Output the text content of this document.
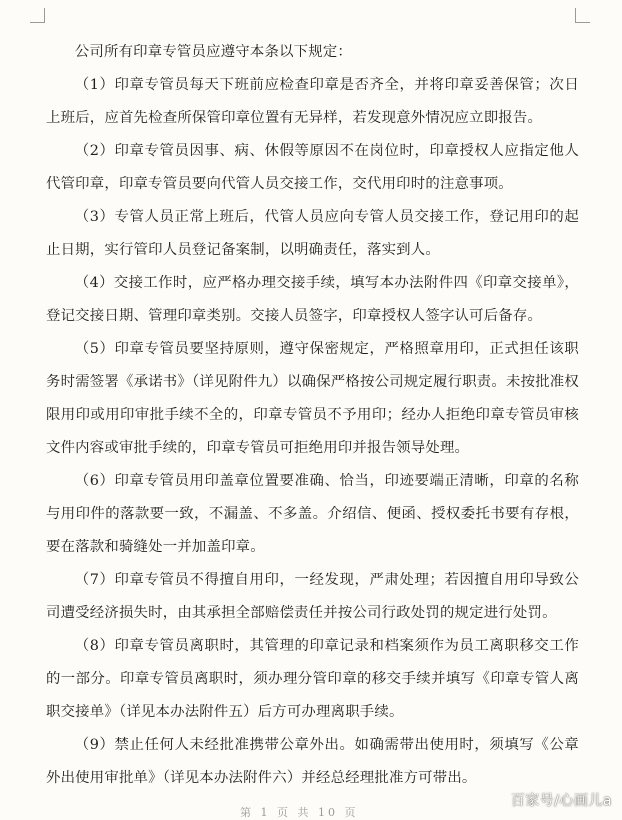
公司所有印章专管员应遵守本条以下规定：

（1）印章专管员每天下班前应检查印章是否齐全，并将印章妥善保管；次日上班后，应首先检查所保管印章位置有无异样，若发现意外情况应立即报告。

（2）印章专管员因事、病、休假等原因不在岗位时，印章授权人应指定他人代管印章，印章专管员要向代管人员交接工作，交代用印时的注意事项。

（3）专管人员正常上班后，代管人员应向专管人员交接工作，登记用印的起止日期，实行管印人员登记备案制，以明确责任，落实到人。

（4）交接工作时，应严格办理交接手续，填写本办法附件四《印章交接单》，登记交接日期、管理印章类别。交接人员签字，印章授权人签字认可后备存。

（5）印章专管员要坚持原则，遵守保密规定，严格照章用印，正式担任该职务时需签署《承诺书》（详见附件九）以确保严格按公司规定履行职责。未按批准权限用印或用印审批手续不全的，印章专管员不予用印；经办人拒绝印章专管员审核文件内容或审批手续的，印章专管员可拒绝用印并报告领导处理。

（6）印章专管员用印盖章位置要准确、恰当，印迹要端正清晰，印章的名称与用印件的落款要一致，不漏盖、不多盖。介绍信、便函、授权委托书要有存根，要在落款和骑缝处一并加盖印章。

（7）印章专管员不得擅自用印，一经发现，严肃处理；若因擅自用印导致公司遭受经济损失时，由其承担全部赔偿责任并按公司行政处罚的规定进行处罚。

（8）印章专管员离职时，其管理的印章记录和档案须作为员工离职移交工作的一部分。印章专管员离职时，须办理分管印章的移交手续并填写《印章专管人离职交接单》（详见本办法附件五）后方可办理离职手续。

（9）禁止任何人未经批准携带公章外出。如确需带出使用时，须填写《公章外出使用审批单》（详见本办法附件六）并经总经理批准方可带出。

第 1 页 共 10 页
百家号/心画儿a
